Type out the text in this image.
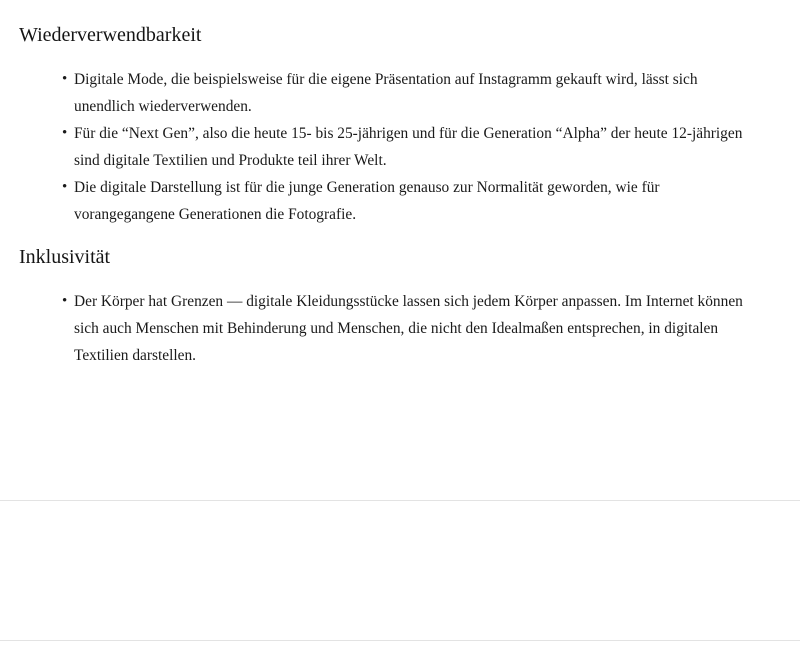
Wiederverwendbarkeit
• Digitale Mode, die beispielsweise für die eigene Präsentation auf Instagramm gekauft wird, lässt sich unendlich wiederverwenden.
• Für die “Next Gen”, also die heute 15- bis 25-jährigen und für die Generation “Alpha” der heute 12-jährigen sind digitale Textilien und Produkte teil ihrer Welt.
• Die digitale Darstellung ist für die junge Generation genauso zur Normalität geworden, wie für vorangegangene Generationen die Fotografie.
Inklusivität
• Der Körper hat Grenzen — digitale Kleidungsstücke lassen sich jedem Körper anpassen. Im Internet können sich auch Menschen mit Behinderung und Menschen, die nicht den Idealmaßen entsprechen, in digitalen Textilien darstellen.
